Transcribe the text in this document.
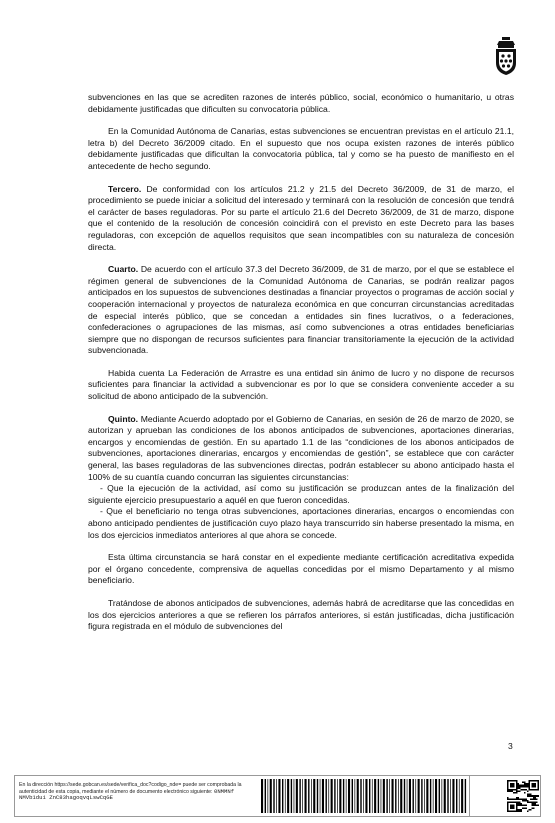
subvenciones en las que se acrediten razones de interés público, social, económico o humanitario, u otras debidamente justificadas que dificulten su convocatoria pública.

En la Comunidad Autónoma de Canarias, estas subvenciones se encuentran previstas en el artículo 21.1, letra b) del Decreto 36/2009 citado. En el supuesto que nos ocupa existen razones de interés público debidamente justificadas que dificultan la convocatoria pública, tal y como se ha puesto de manifiesto en el antecedente de hecho segundo.

Tercero. De conformidad con los artículos 21.2 y 21.5 del Decreto 36/2009, de 31 de marzo, el procedimiento se puede iniciar a solicitud del interesado y terminará con la resolución de concesión que tendrá el carácter de bases reguladoras. Por su parte el artículo 21.6 del Decreto 36/2009, de 31 de marzo, dispone que el contenido de la resolución de concesión coincidirá con el previsto en este Decreto para las bases reguladoras, con excepción de aquellos requisitos que sean incompatibles con su naturaleza de concesión directa.

Cuarto. De acuerdo con el artículo 37.3 del Decreto 36/2009, de 31 de marzo, por el que se establece el régimen general de subvenciones de la Comunidad Autónoma de Canarias, se podrán realizar pagos anticipados en los supuestos de subvenciones destinadas a financiar proyectos o programas de acción social y cooperación internacional y proyectos de naturaleza económica en que concurran circunstancias acreditadas de especial interés público, que se concedan a entidades sin fines lucrativos, o a federaciones, confederaciones o agrupaciones de las mismas, así como subvenciones a otras entidades beneficiarias siempre que no dispongan de recursos suficientes para financiar transitoriamente la ejecución de la actividad subvencionada.

Habida cuenta La Federación de Arrastre es una entidad sin ánimo de lucro y no dispone de recursos suficientes para financiar la actividad a subvencionar es por lo que se considera conveniente acceder a su solicitud de abono anticipado de la subvención.

Quinto. Mediante Acuerdo adoptado por el Gobierno de Canarias, en sesión de 26 de marzo de 2020, se autorizan y aprueban las condiciones de los abonos anticipados de subvenciones, aportaciones dinerarias, encargos y encomiendas de gestión. En su apartado 1.1 de las “condiciones de los abonos anticipados de subvenciones, aportaciones dinerarias, encargos y encomiendas de gestión”, se establece que con carácter general, las bases reguladoras de las subvenciones directas, podrán establecer su abono anticipado hasta el 100% de su cuantía cuando concurran las siguientes circunstancias:

- Que la ejecución de la actividad, así como su justificación se produzcan antes de la finalización del siguiente ejercicio presupuestario a aquél en que fueron concedidas.

- Que el beneficiario no tenga otras subvenciones, aportaciones dinerarias, encargos o encomiendas con abono anticipado pendientes de justificación cuyo plazo haya transcurrido sin haberse presentado la misma, en los dos ejercicios inmediatos anteriores al que ahora se concede.

Esta última circunstancia se hará constar en el expediente mediante certificación acreditativa expedida por el órgano concedente, comprensiva de aquellas concedidas por el mismo Departamento y al mismo beneficiario.

Tratándose de abonos anticipados de subvenciones, además habrá de acreditarse que las concedidas en los dos ejercicios anteriores a que se refieren los párrafos anteriores, si están justificadas, dicha justificación figura registrada en el módulo de subvenciones del

3
En la dirección https://sede.gobcan.es/sede/verifica_doc?codigo_nde= puede ser comprobada la autenticidad de esta copia, mediante el número de documento electrónico siguiente: 0NMMNf NMVb1dui ZnC83hagoqvqLswCqGE
